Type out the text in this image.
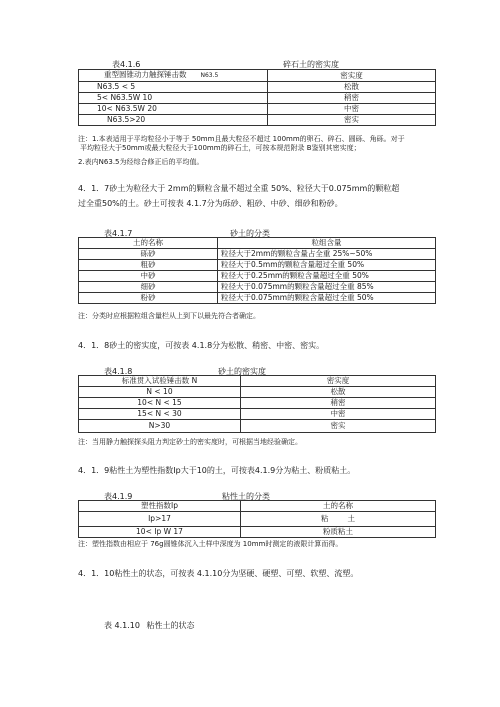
表4.1.6	碎石土的密实度
重型圆锥动力触探锤击数 N63.5	密实度
N63.5 < 5	松散
5< N63.5W 10	稍密
10< N63.5W 20	中密
N63.5>20	密实
注：1.本表适用于平均粒径小于等于 50mm且最大粒径不超过 100mm的卵石、碎石、圆砾、角砾。对于
平均粒径大于50mm或最大粒径大于100mm的碎石土，可按本规范附录 B鉴别其密实度；
2.表内N63.5为经综合修正后的平均值。
4．1．7砂土为粒径大于 2mm的颗粒含量不超过全重 50%、粒径大于0.075mm的颗粒超
过全重50%的土。砂土可按表 4.1.7分为砾砂、粗砂、中砂、细砂和粉砂。
表4.1.7	砂土的分类
土的名称	粒组含量
砾砂	粒径大于2mm的颗粒含量占全重 25%~50%
粗砂	粒径大于0.5mm的颗粒含量超过全重 50%
中砂	粒径大于0.25mm的颗粒含量超过全重 50%
细砂	粒径大于0.075mm的颗粒含量超过全重 85%
粉砂	粒径大于0.075mm的颗粒含量超过全重 50%
注：分类时应根据粒组含量栏从上到下以最先符合者确定。
4．1．8砂土的密实度，可按表 4.1.8分为松散、稍密、中密、密实。
表4.1.8	砂土的密实度
标准贯入试验锤击数 N	密实度
N < 10	松散
10< N < 15	稍密
15< N < 30	中密
N>30	密实
注：当用静力触探探头阻力判定砂土的密实度时，可根据当地经验确定。
4．1．9粘性土为塑性指数Ip大于10的土，可按表4.1.9分为粘土、粉质粘土。
表4.1.9	粘性土的分类
塑性指数Ip	土的名称
Ip>17	粘        土
10< Ip W 17	粉质粘土
注：塑性指数由相应于 76g圆锥体沉入土样中深度为 10mm时测定的液限计算而得。
4．1．10粘性土的状态，可按表 4.1.10分为坚硬、硬塑、可塑、软塑、流塑。
表 4.1.10 粘性土的状态
